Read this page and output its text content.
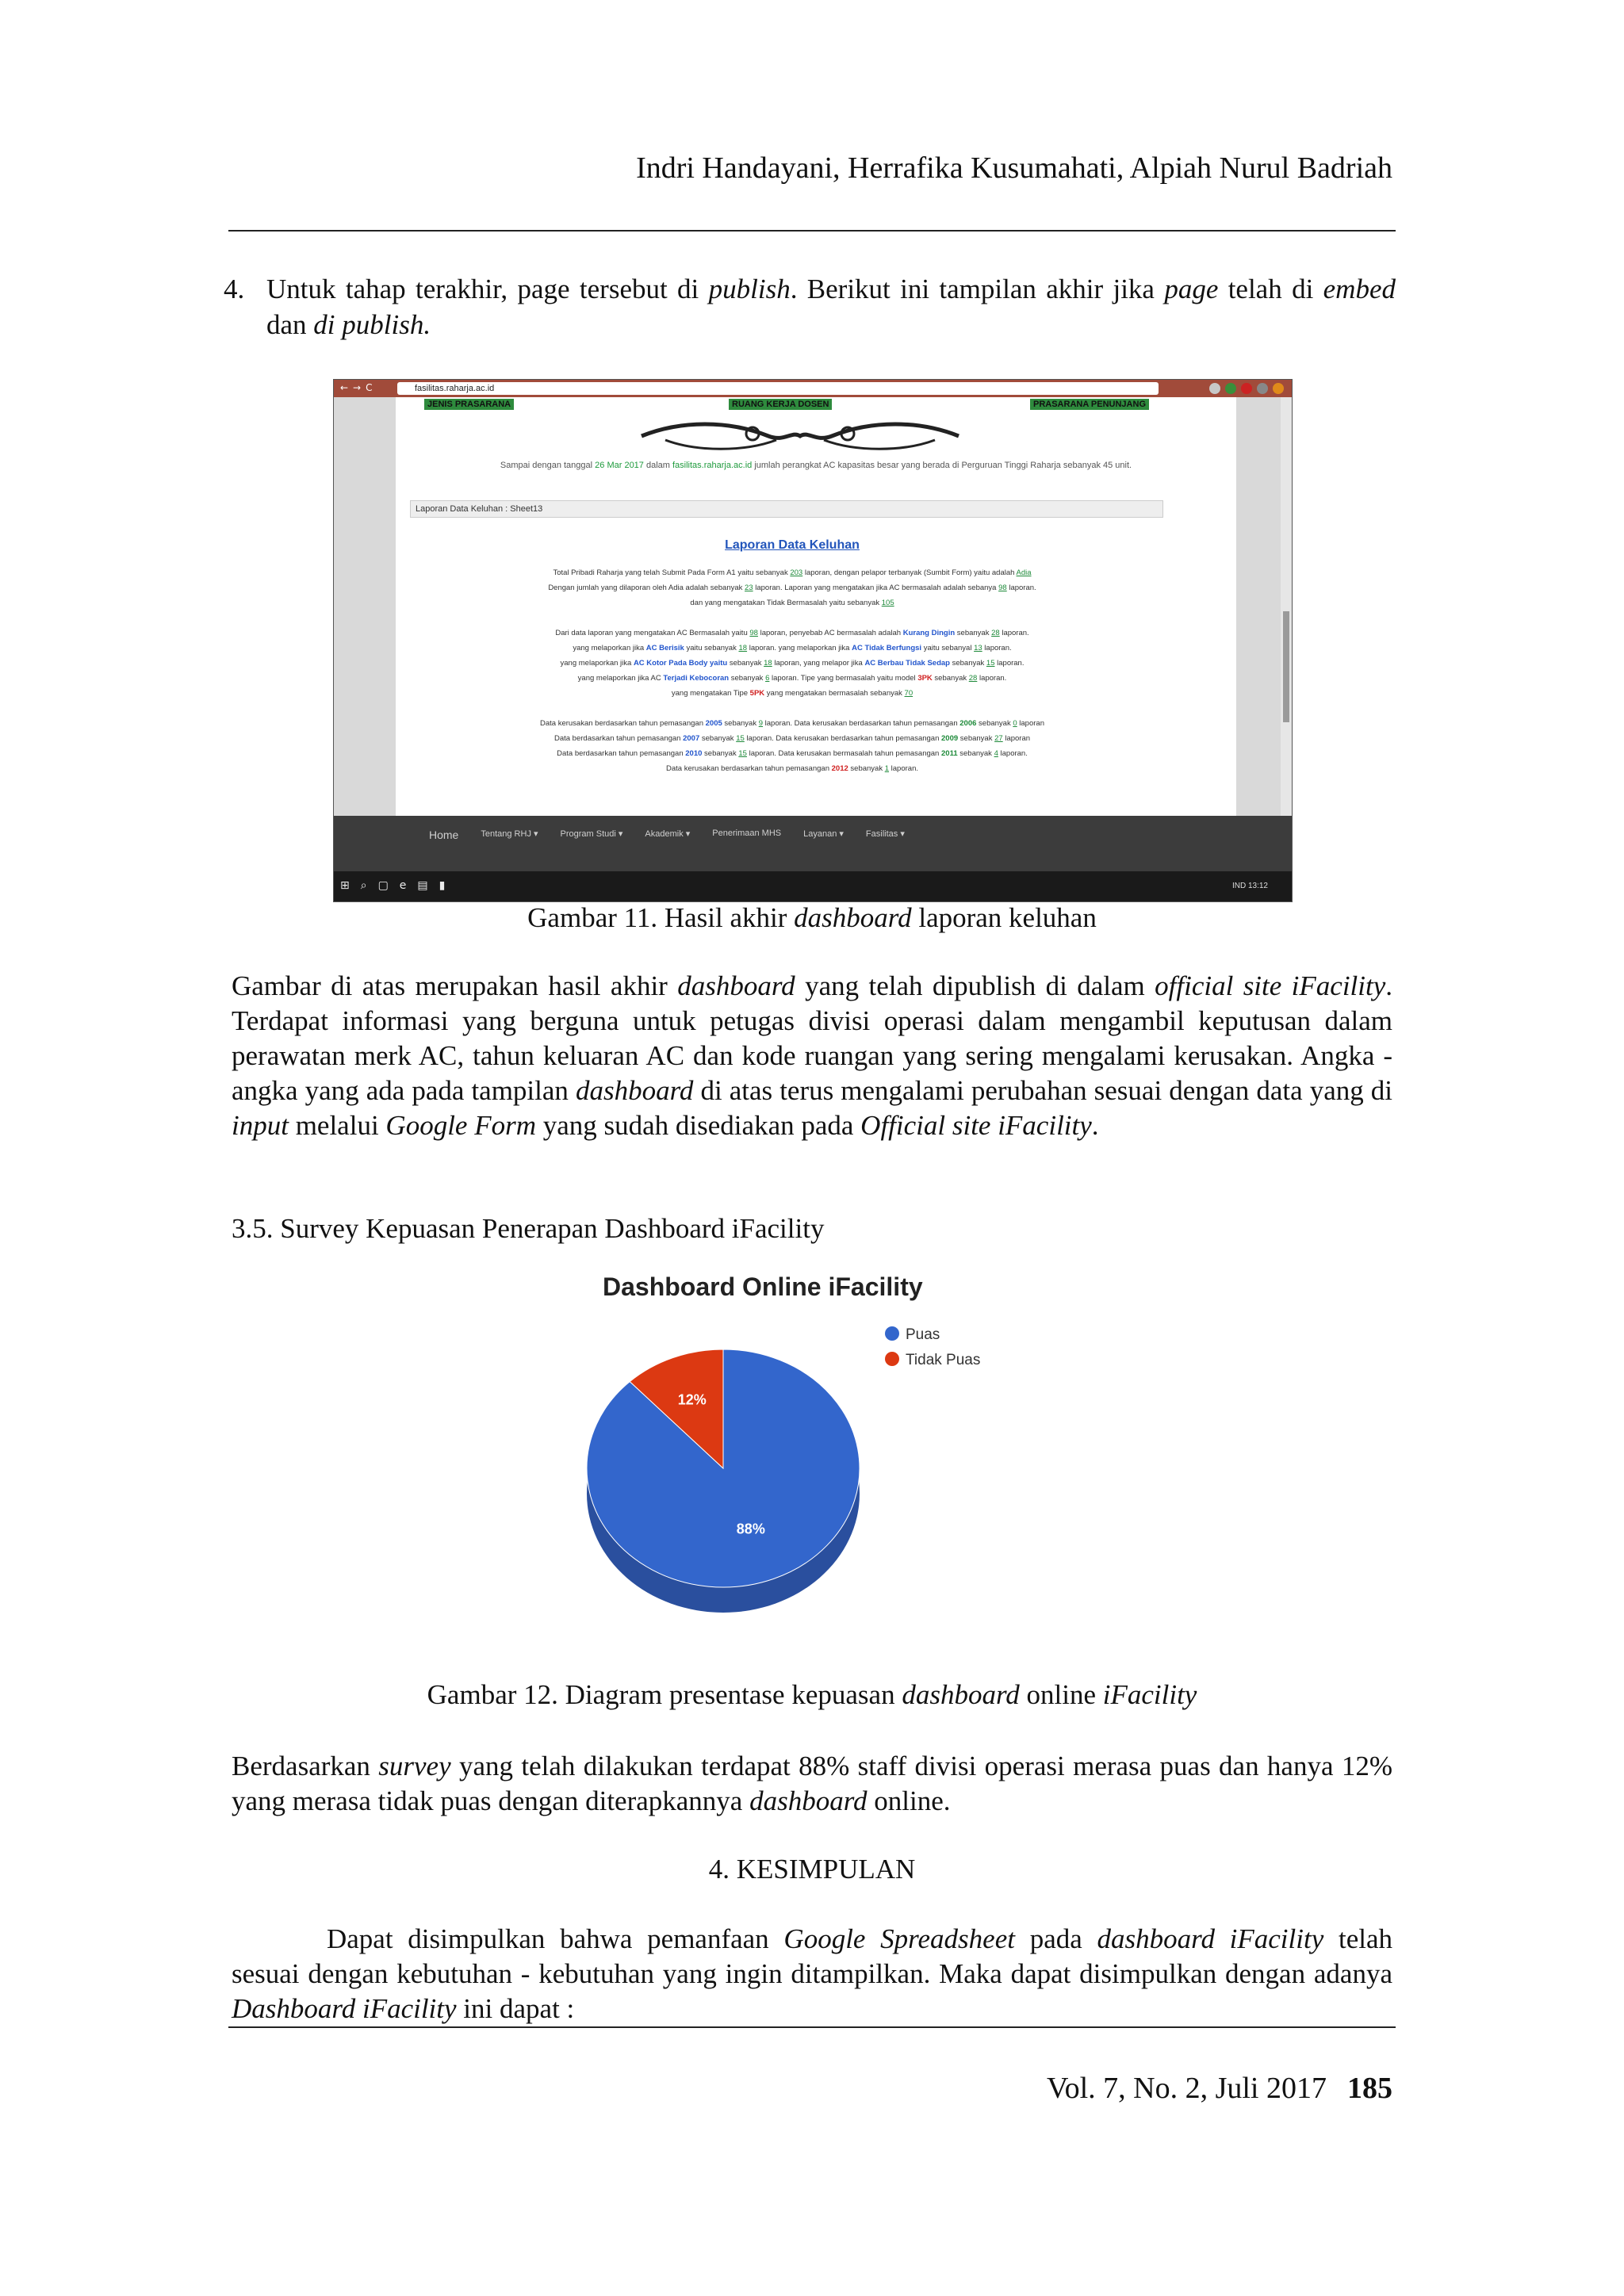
Indri Handayani, Herrafika Kusumahati, Alpiah Nurul Badriah
4. Untuk tahap terakhir, page tersebut di publish. Berikut ini tampilan akhir jika page telah di embed dan di publish.
←→C	fasilitas.raharja.ac.id
JENIS PRASARANA	RUANG KERJA DOSEN	PRASARANA PENUNJANG
Sampai dengan tanggal 26 Mar 2017 dalam fasilitas.raharja.ac.id jumlah perangkat AC kapasitas besar yang berada di Perguruan Tinggi Raharja sebanyak 45 unit.
Laporan Data Keluhan : Sheet13
Laporan Data Keluhan
Total Pribadi Raharja yang telah Submit Pada Form A1 yaitu sebanyak 203 laporan, dengan pelapor terbanyak (Sumbit Form) yaitu adalah Adia
Dengan jumlah yang dilaporan oleh Adia adalah sebanyak 23 laporan. Laporan yang mengatakan jika AC bermasalah adalah sebanya 98 laporan.
dan yang mengatakan Tidak Bermasalah yaitu sebanyak 105
Dari data laporan yang mengatakan AC Bermasalah yaitu 98 laporan, penyebab AC bermasalah adalah Kurang Dingin sebanyak 28 laporan.
yang melaporkan jika AC Berisik yaitu sebanyak 18 laporan. yang melaporkan jika AC Tidak Berfungsi yaitu sebanyal 13 laporan.
yang melaporkan jika AC Kotor Pada Body yaitu sebanyak 18 laporan, yang melapor jika AC Berbau Tidak Sedap sebanyak 15 laporan.
yang melaporkan jika AC Terjadi Kebocoran sebanyak 6 laporan. Tipe yang bermasalah yaitu model 3PK sebanyak 28 laporan.
yang mengatakan Tipe 5PK yang mengatakan bermasalah sebanyak 70
Data kerusakan berdasarkan tahun pemasangan 2005 sebanyak 9 laporan. Data kerusakan berdasarkan tahun pemasangan 2006 sebanyak 0 laporan
Data berdasarkan tahun pemasangan 2007 sebanyak 15 laporan. Data kerusakan berdasarkan tahun pemasangan 2009 sebanyak 27 laporan
Data berdasarkan tahun pemasangan 2010 sebanyak 15 laporan. Data kerusakan bermasalah tahun pemasangan 2011 sebanyak 4 laporan.
Data kerusakan berdasarkan tahun pemasangan 2012 sebanyak 1 laporan.
Home	Tentang RHJ ▾	Program Studi ▾	Akademik ▾	Penerimaan MHS	Layanan ▾	Fasilitas ▾
⊞⌕▢e▤▮	IND 13:12
Gambar 11. Hasil akhir dashboard laporan keluhan
Gambar di atas merupakan hasil akhir dashboard yang telah dipublish di dalam official site iFacility. Terdapat informasi yang berguna untuk petugas divisi operasi dalam mengambil keputusan dalam perawatan merk AC, tahun keluaran AC dan kode ruangan yang sering mengalami kerusakan. Angka - angka yang ada pada tampilan dashboard di atas terus mengalami perubahan sesuai dengan data yang di input melalui Google Form yang sudah disediakan pada Official site iFacility.
3.5. Survey Kepuasan Penerapan Dashboard iFacility
Dashboard Online iFacility
88%
12%
Puas
Tidak Puas
Gambar 12. Diagram presentase kepuasan dashboard online iFacility
Berdasarkan survey yang telah dilakukan terdapat 88% staff divisi operasi merasa puas dan hanya 12% yang merasa tidak puas dengan diterapkannya dashboard online.
4. KESIMPULAN
Dapat disimpulkan bahwa pemanfaan Google Spreadsheet pada dashboard iFacility telah sesuai dengan kebutuhan - kebutuhan yang ingin ditampilkan. Maka dapat disimpulkan dengan adanya Dashboard iFacility ini dapat :
Vol. 7, No. 2, Juli 2017 185
